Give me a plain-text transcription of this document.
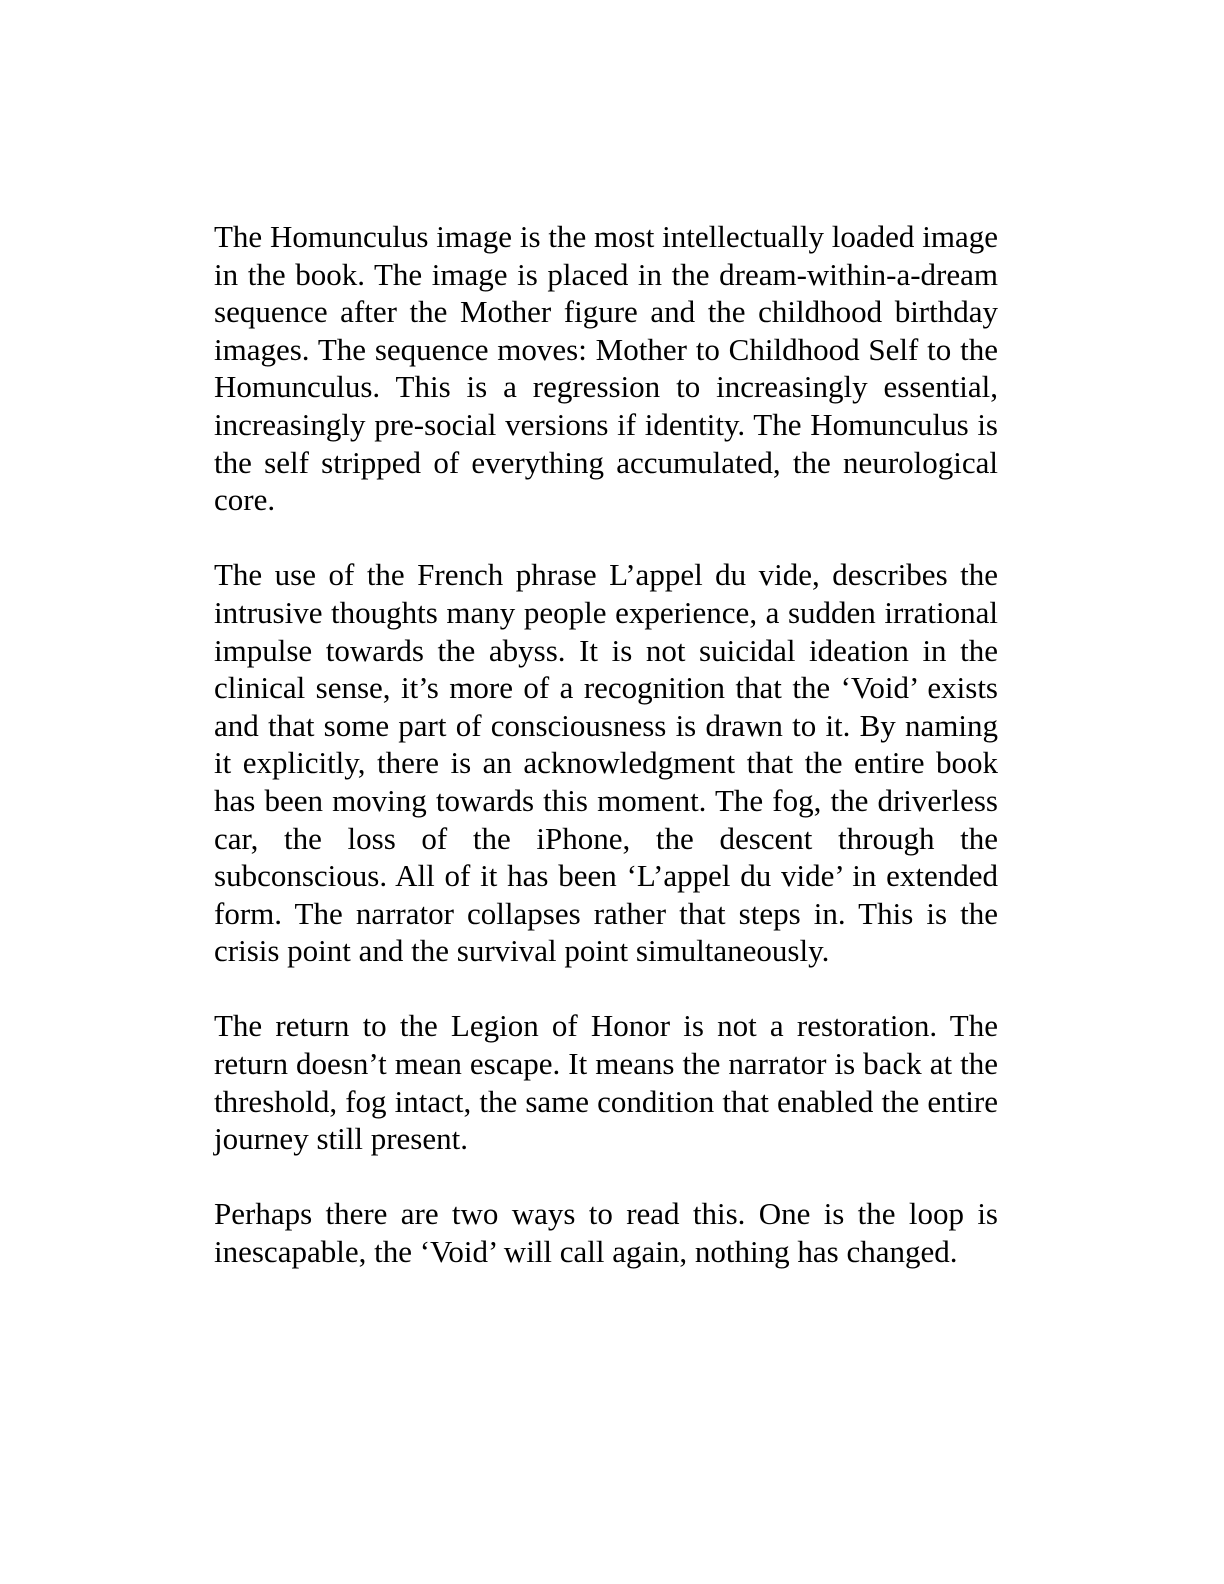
The Homunculus image is the most intellectually loaded image in the book. The image is placed in the dream-within-a-dream sequence after the Mother figure and the childhood birthday images. The sequence moves: Mother to Childhood Self to the Homunculus. This is a regression to increasingly essential, increasingly pre-social versions if identity. The Homunculus is the self stripped of everything accumulated, the neurological core.

The use of the French phrase L’appel du vide, describes the intrusive thoughts many people experience, a sudden irrational impulse towards the abyss. It is not suicidal ideation in the clinical sense, it’s more of a recognition that the ‘Void’ exists and that some part of consciousness is drawn to it. By naming it explicitly, there is an acknowledgment that the entire book has been moving towards this moment. The fog, the driverless car, the loss of the iPhone, the descent through the subconscious. All of it has been ‘L’appel du vide’ in extended form. The narrator collapses rather that steps in. This is the crisis point and the survival point simultaneously.

The return to the Legion of Honor is not a restoration. The return doesn’t mean escape. It means the narrator is back at the threshold, fog intact, the same condition that enabled the entire journey still present.

Perhaps there are two ways to read this. One is the loop is inescapable, the ‘Void’ will call again, nothing has changed.
